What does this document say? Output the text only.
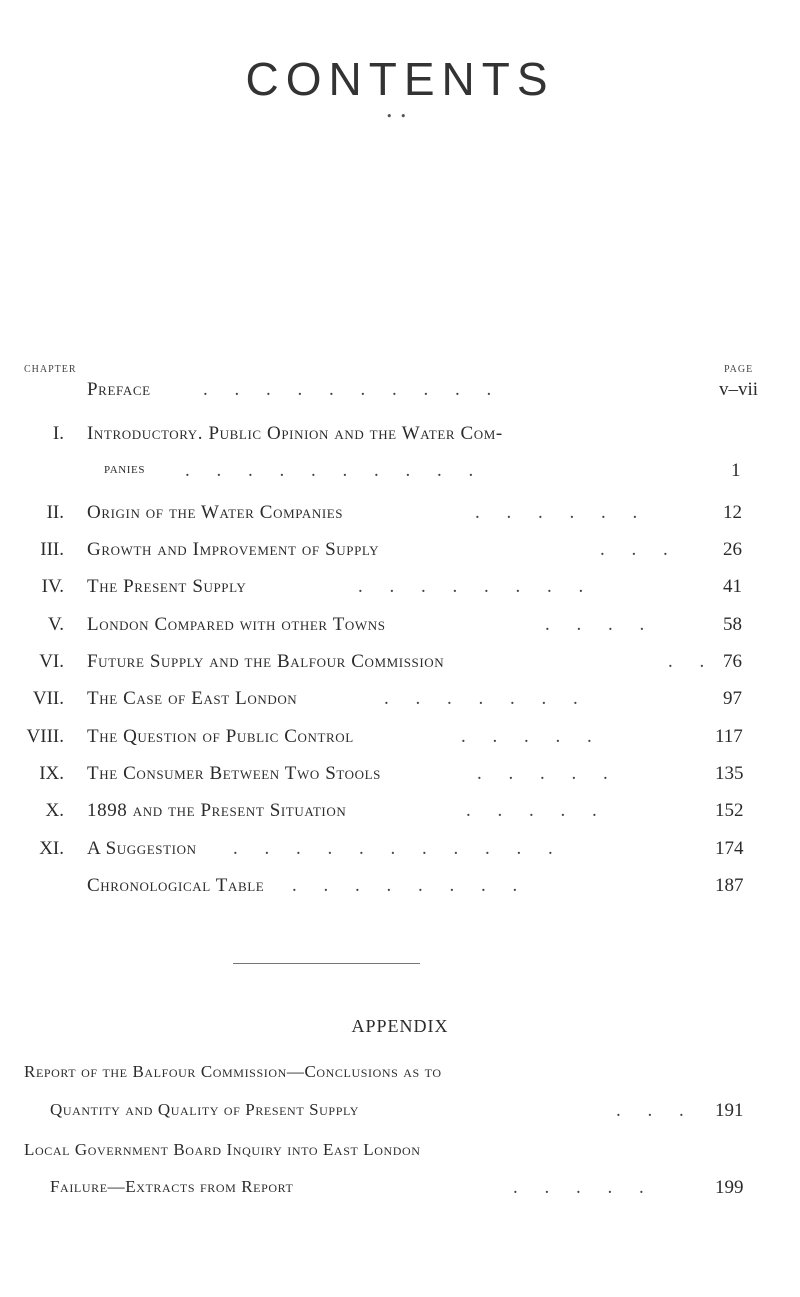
CONTENTS
• •
CHAPTER	PAGE
Preface	. . . . . . . . . .	v–vii
I. Introductory. Public Opinion and the Water Com-
panies . . . . . . . . . .	1
II. Origin of the Water Companies	. . . . . .	12
III. Growth and Improvement of Supply	. . . 26
IV. The Present Supply	. . . . . . . .	41
V. London Compared with other Towns	. . . .	58
VI. Future Supply and the Balfour Commission	. . 76
VII. The Case of East London	. . . . . . .	97
VIII. The Question of Public Control	. . . . .	117
IX. The Consumer Between Two Stools	. . . . .	135
X. 1898 and the Present Situation	. . . . .	152
XI. A Suggestion . . . . . . . . . . .	174
Chronological Table . . . . . . . .	187
APPENDIX
Report of the Balfour Commission—Conclusions as to
Quantity and Quality of Present Supply	. . . 191
Local Government Board Inquiry into East London
Failure—Extracts from Report	. . . . .	199
